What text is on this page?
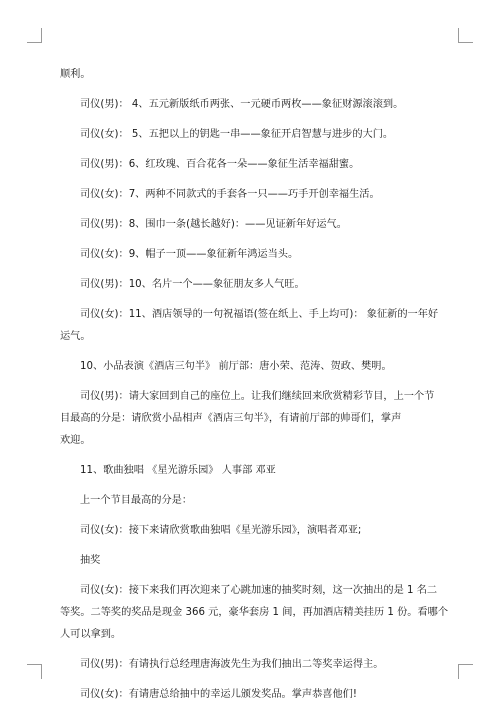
顺利。
司仪(男)： 4、五元新版纸币两张、一元硬币两枚——象征财源滚滚到。
司仪(女)： 5、五把以上的钥匙一串——象征开启智慧与进步的大门。
司仪(男)：6、红玫瑰、百合花各一朵——象征生活幸福甜蜜。
司仪(女)：7、两种不同款式的手套各一只——巧手开创幸福生活。
司仪(男)：8、围巾一条(越长越好)：——见证新年好运气。
司仪(女)：9、帽子一顶——象征新年鸿运当头。
司仪(男)：10、名片一个——象征朋友多人气旺。
司仪(女)：11、酒店领导的一句祝福语(签在纸上、手上均可)： 象征新的一年好
运气。
10、小品表演《酒店三句半》 前厅部：唐小荣、范涛、贺政、樊明。
司仪(男)：请大家回到自己的座位上。让我们继续回来欣赏精彩节目，上一个节
目最高的分是：请欣赏小品相声《酒店三句半》，有请前厅部的帅哥们，掌声
欢迎。
11、歌曲独唱 《星光游乐园》 人事部 邓亚
上一个节目最高的分是：
司仪(女)：接下来请欣赏歌曲独唱《星光游乐园》，演唱者邓亚;
抽奖
司仪(女)：接下来我们再次迎来了心跳加速的抽奖时刻，这一次抽出的是 1 名二
等奖。二等奖的奖品是现金 366 元，豪华套房 1 间，再加酒店精美挂历 1 份。看哪个
人可以拿到。
司仪(男)：有请执行总经理唐海波先生为我们抽出二等奖幸运得主。
司仪(女)：有请唐总给抽中的幸运儿颁发奖品。掌声恭喜他们!
